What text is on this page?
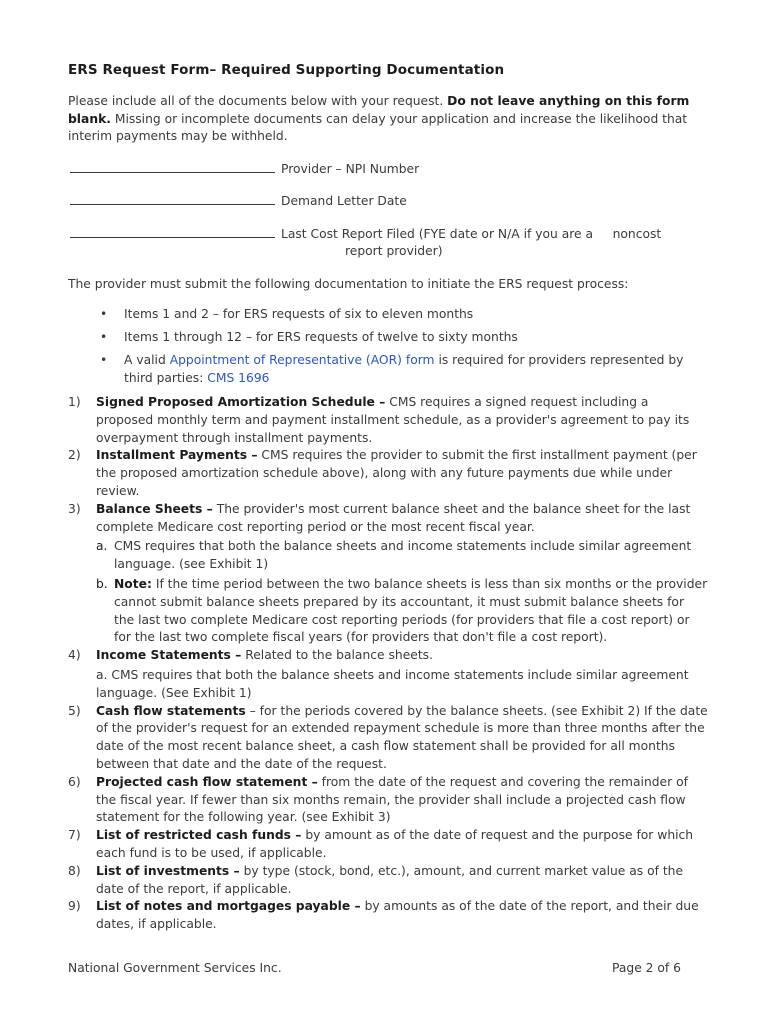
ERS Request Form– Required Supporting Documentation
Please include all of the documents below with your request. Do not leave anything on this form blank. Missing or incomplete documents can delay your application and increase the likelihood that interim payments may be withheld.
Provider – NPI Number
Demand Letter Date
Last Cost Report Filed (FYE date or N/A if you are a     noncost
report provider)
The provider must submit the following documentation to initiate the ERS request process:
• Items 1 and 2 – for ERS requests of six to eleven months
• Items 1 through 12 – for ERS requests of twelve to sixty months
• A valid Appointment of Representative (AOR) form is required for providers represented by third parties: CMS 1696
1) Signed Proposed Amortization Schedule – CMS requires a signed request including a proposed monthly term and payment installment schedule, as a provider's agreement to pay its overpayment through installment payments.
2) Installment Payments – CMS requires the provider to submit the first installment payment (per the proposed amortization schedule above), along with any future payments due while under review.
3) Balance Sheets – The provider's most current balance sheet and the balance sheet for the last complete Medicare cost reporting period or the most recent fiscal year.
a. CMS requires that both the balance sheets and income statements include similar agreement language. (see Exhibit 1)
b. Note: If the time period between the two balance sheets is less than six months or the provider cannot submit balance sheets prepared by its accountant, it must submit balance sheets for the last two complete Medicare cost reporting periods (for providers that file a cost report) or for the last two complete fiscal years (for providers that don't file a cost report).
4) Income Statements – Related to the balance sheets.
a. CMS requires that both the balance sheets and income statements include similar agreement language. (See Exhibit 1)
5) Cash flow statements – for the periods covered by the balance sheets. (see Exhibit 2) If the date of the provider's request for an extended repayment schedule is more than three months after the date of the most recent balance sheet, a cash flow statement shall be provided for all months between that date and the date of the request.
6) Projected cash flow statement – from the date of the request and covering the remainder of the fiscal year. If fewer than six months remain, the provider shall include a projected cash flow statement for the following year. (see Exhibit 3)
7) List of restricted cash funds – by amount as of the date of request and the purpose for which each fund is to be used, if applicable.
8) List of investments – by type (stock, bond, etc.), amount, and current market value as of the date of the report, if applicable.
9) List of notes and mortgages payable – by amounts as of the date of the report, and their due dates, if applicable.
National Government Services Inc.	Page 2 of 6
